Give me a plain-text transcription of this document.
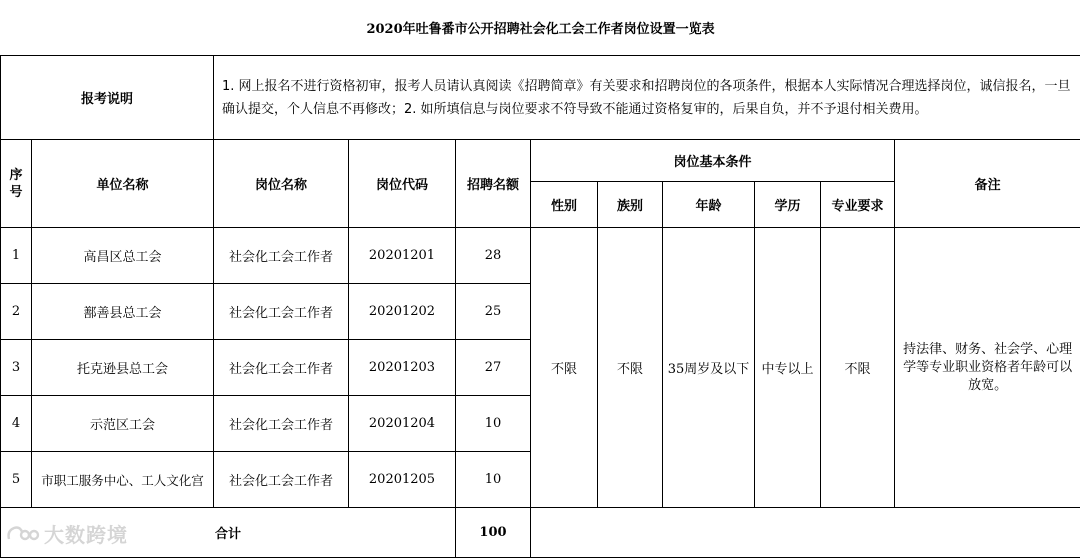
2020年吐鲁番市公开招聘社会化工会工作者岗位设置一览表										
报考说明		1. 网上报名不进行资格初审，报考人员请认真阅读《招聘简章》有关要求和招聘岗位的各项条件，根据本人实际情况合理选择岗位，诚信报名，一旦确认提交，个人信息不再修改；2. 如所填信息与岗位要求不符导致不能通过资格复审的，后果自负，并不予退付相关费用。								
序号	单位名称	岗位名称	岗位代码	招聘名额	岗位基本条件					备注
					性别	族别	年龄	学历	专业要求	
1	高昌区总工会	社会化工会工作者	20201201	28	不限	不限	35周岁及以下	中专以上	不限	持法律、财务、社会学、心理学等专业职业资格者年龄可以放宽。
2	鄯善县总工会	社会化工会工作者	20201202	25						
3	托克逊县总工会	社会化工会工作者	20201203	27						
4	示范区工会	社会化工会工作者	20201204	10						
5	市职工服务中心、工人文化宫	社会化工会工作者	20201205	10						
合计				100						
大数跨境
